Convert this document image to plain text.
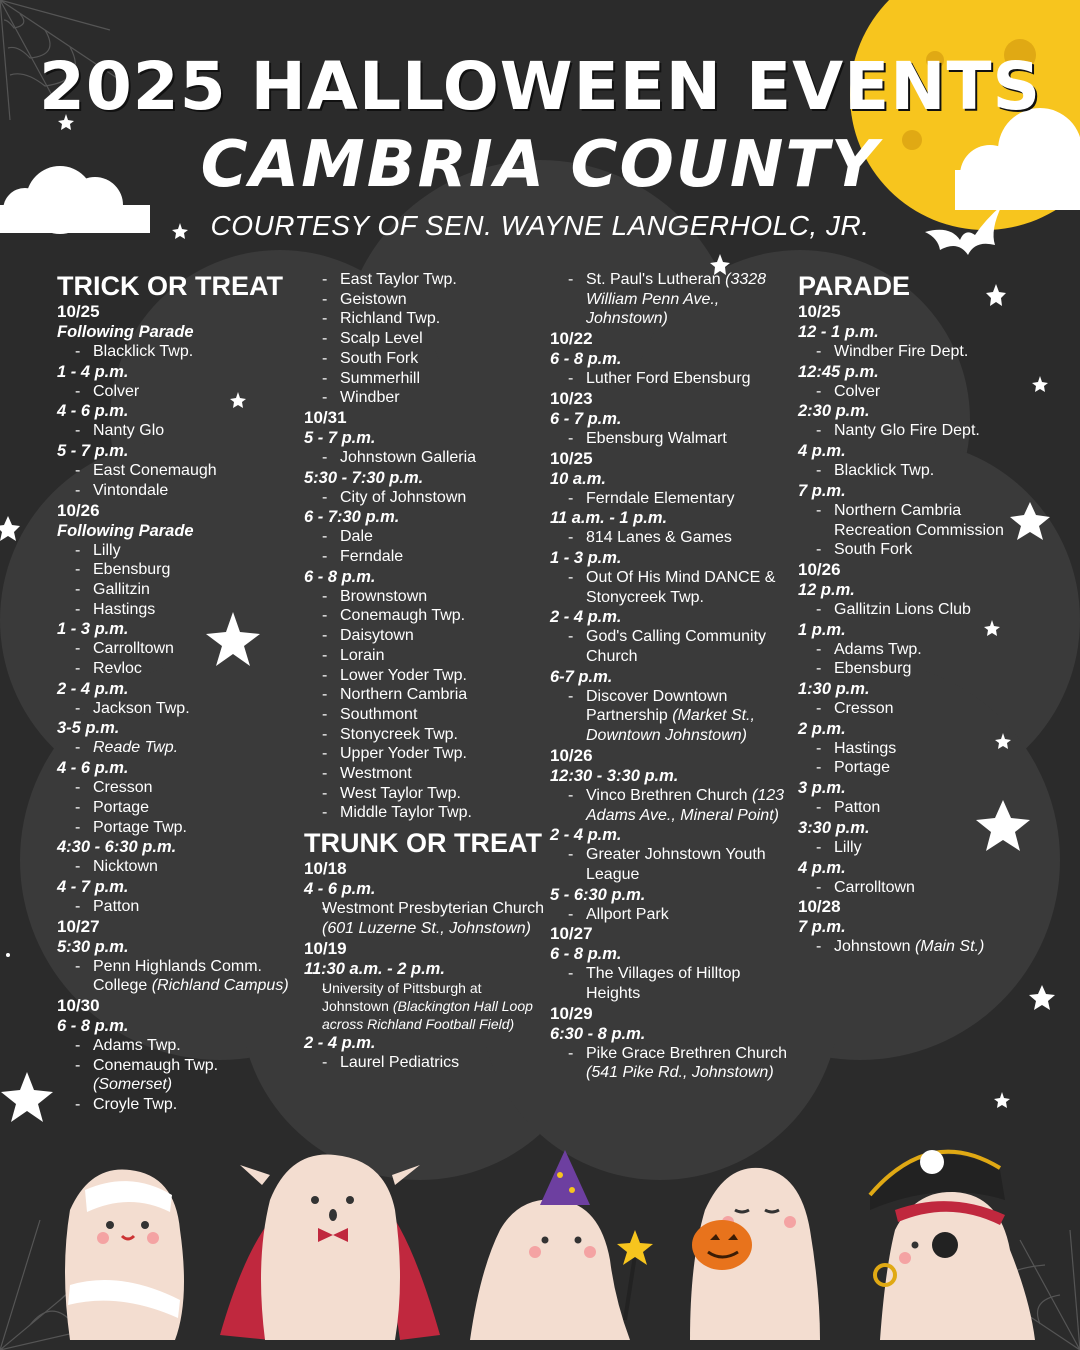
2025 HALLOWEEN EVENTS
CAMBRIA COUNTY
COURTESY OF SEN. WAYNE LANGERHOLC, JR.
TRICK OR TREAT
10/25
Following Parade
- Blacklick Twp.
1 - 4 p.m.
- Colver
4 - 6 p.m.
- Nanty Glo
5 - 7 p.m.
- East Conemaugh
- Vintondale
10/26
Following Parade
- Lilly
- Ebensburg
- Gallitzin
- Hastings
1 - 3 p.m.
- Carrolltown
- Revloc
2 - 4 p.m.
- Jackson Twp.
3-5 p.m.
- Reade Twp.
4 - 6 p.m.
- Cresson
- Portage
- Portage Twp.
4:30 - 6:30 p.m.
- Nicktown
4 - 7 p.m.
- Patton
10/27
5:30 p.m.
- Penn Highlands Comm. College (Richland Campus)
10/30
6 - 8 p.m.
- Adams Twp.
- Conemaugh Twp. (Somerset)
- Croyle Twp.
- East Taylor Twp.
- Geistown
- Richland Twp.
- Scalp Level
- South Fork
- Summerhill
- Windber
10/31
5 - 7 p.m.
- Johnstown Galleria
5:30 - 7:30 p.m.
- City of Johnstown
6 - 7:30 p.m.
- Dale
- Ferndale
6 - 8 p.m.
- Brownstown
- Conemaugh Twp.
- Daisytown
- Lorain
- Lower Yoder Twp.
- Northern Cambria
- Southmont
- Stonycreek Twp.
- Upper Yoder Twp.
- Westmont
- West Taylor Twp.
- Middle Taylor Twp.
TRUNK OR TREAT
10/18
4 - 6 p.m.
- Westmont Presbyterian Church (601 Luzerne St., Johnstown)
10/19
11:30 a.m. - 2 p.m.
- University of Pittsburgh at Johnstown (Blackington Hall Loop across Richland Football Field)
2 - 4 p.m.
- Laurel Pediatrics
- St. Paul's Lutheran (3328 William Penn Ave., Johnstown)
10/22
6 - 8 p.m.
- Luther Ford Ebensburg
10/23
6 - 7 p.m.
- Ebensburg Walmart
10/25
10 a.m.
- Ferndale Elementary
11 a.m. - 1 p.m.
- 814 Lanes & Games
1 - 3 p.m.
- Out Of His Mind DANCE & Stonycreek Twp.
2 - 4 p.m.
- God's Calling Community Church
6-7 p.m.
- Discover Downtown Partnership (Market St., Downtown Johnstown)
10/26
12:30 - 3:30 p.m.
- Vinco Brethren Church (123 Adams Ave., Mineral Point)
2 - 4 p.m.
- Greater Johnstown Youth League
5 - 6:30 p.m.
- Allport Park
10/27
6 - 8 p.m.
- The Villages of Hilltop Heights
10/29
6:30 - 8 p.m.
- Pike Grace Brethren Church (541 Pike Rd., Johnstown)
PARADE
10/25
12 - 1 p.m.
- Windber Fire Dept.
12:45 p.m.
- Colver
2:30 p.m.
- Nanty Glo Fire Dept.
4 p.m.
- Blacklick Twp.
7 p.m.
- Northern Cambria Recreation Commission
- South Fork
10/26
12 p.m.
- Gallitzin Lions Club
1 p.m.
- Adams Twp.
- Ebensburg
1:30 p.m.
- Cresson
2 p.m.
- Hastings
- Portage
3 p.m.
- Patton
3:30 p.m.
- Lilly
4 p.m.
- Carrolltown
10/28
7 p.m.
- Johnstown (Main St.)
